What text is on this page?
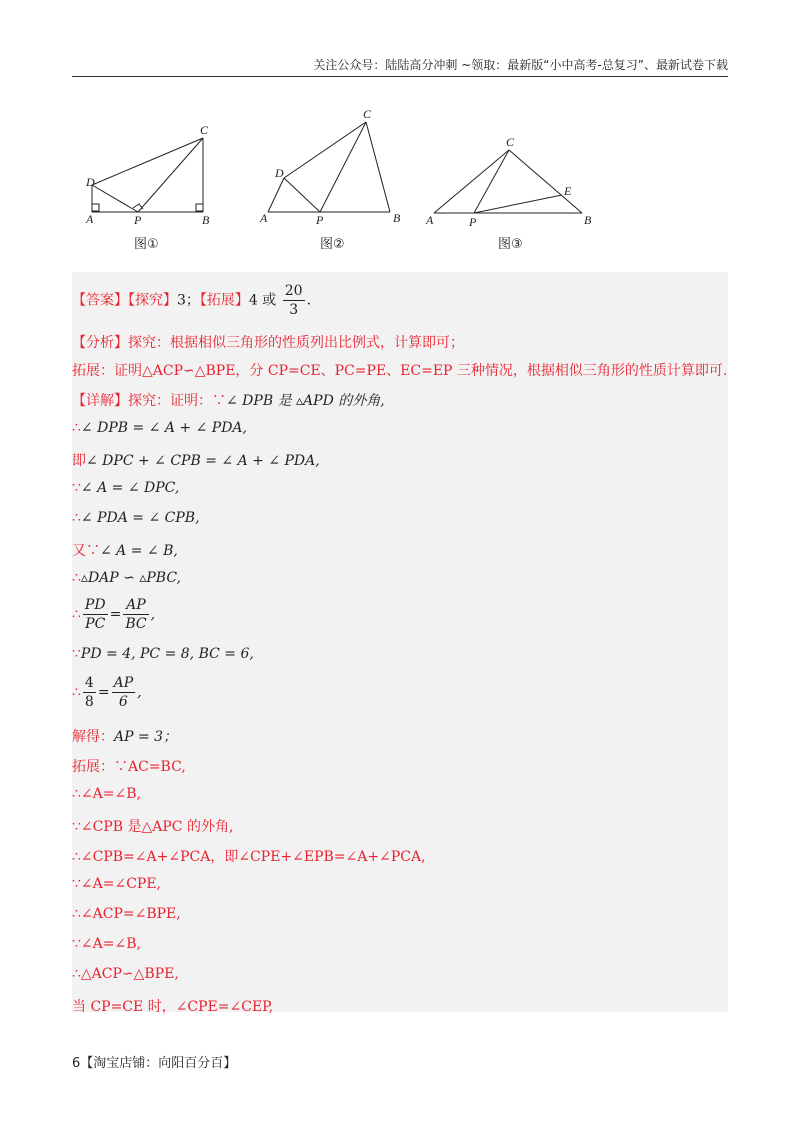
关注公众号：陆陆高分冲刺 ~领取：最新版“小中高考-总复习”、最新试卷下载
D
A	P	B
C
图①
D
A	P	B
C
图②
A	P	B
C
E
图③
【答案】【探究】3；【拓展】4 或 $\frac{20}{3}$ .
【分析】探究：根据相似三角形的性质列出比例式，计算即可；
拓展：证明△ACP∽△BPE，分 CP=CE、PC=PE、EC=EP 三种情况，根据相似三角形的性质计算即可.
【详解】探究：证明：∵∠ DPB 是 ▵APD 的外角,
∴∠ DPB = ∠ A + ∠ PDA,
即∠ DPC + ∠ CPB = ∠ A + ∠ PDA,
∵∠ A = ∠ DPC,
∴∠ PDA = ∠ CPB,
又∵∠ A = ∠ B,
∴▵DAP ∽ ▵PBC,
∴ $\frac{PD}{PC} = \frac{AP}{BC}$ ,
∵PD = 4, PC = 8, BC = 6,
∴ $\frac{4}{8} = \frac{AP}{6}$ ,
解得：AP = 3；
拓展：∵AC=BC,
∴∠A=∠B,
∵∠CPB 是△APC 的外角,
∴∠CPB=∠A+∠PCA，即∠CPE+∠EPB=∠A+∠PCA,
∵∠A=∠CPE,
∴∠ACP=∠BPE,
∵∠A=∠B,
∴△ACP∽△BPE,
当 CP=CE 时，∠CPE=∠CEP,
6【淘宝店铺：向阳百分百】
